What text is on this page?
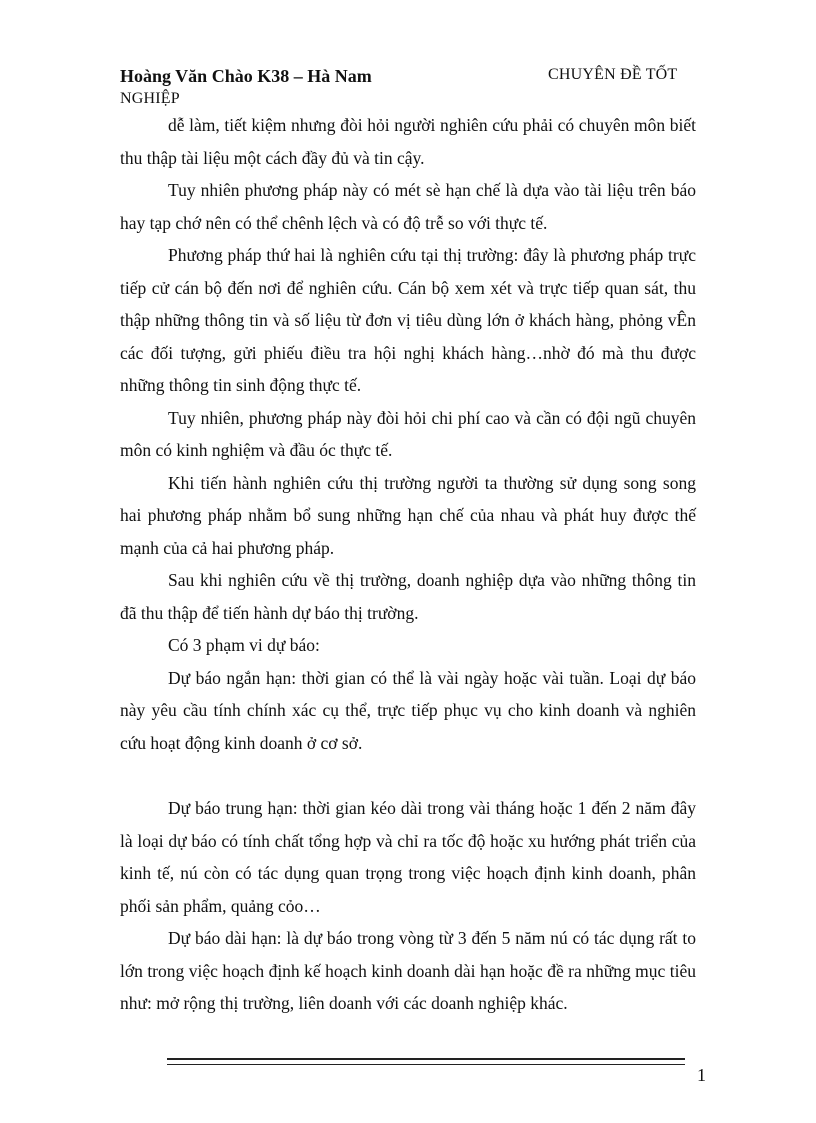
Hoàng Văn Chào K38 – Hà Nam	CHUYÊN ĐỀ TỐT
NGHIỆP

dễ làm, tiết kiệm nhưng đòi hỏi người nghiên cứu phải có chuyên môn biết thu thập tài liệu một cách đầy đủ và tin cậy.

Tuy nhiên phương pháp này có mét sè hạn chế là dựa vào tài liệu trên báo hay tạp chớ nên có thể chênh lệch và có độ trễ so với thực tế.

Phương pháp thứ hai là nghiên cứu tại thị trường: đây là phương pháp trực tiếp cử cán bộ đến nơi để nghiên cứu. Cán bộ xem xét và trực tiếp quan sát, thu thập những thông tin và số liệu từ đơn vị tiêu dùng lớn ở khách hàng, phỏng vÊn các đối tượng, gửi phiếu điều tra hội nghị khách hàng…nhờ đó mà thu được những thông tin sinh động thực tế.

Tuy nhiên, phương pháp này đòi hỏi chi phí cao và cần có đội ngũ chuyên môn có kinh nghiệm và đầu óc thực tế.

Khi tiến hành nghiên cứu thị trường người ta thường sử dụng song song hai phương pháp nhằm bổ sung những hạn chế của nhau và phát huy được thế mạnh của cả hai phương pháp.

Sau khi nghiên cứu về thị trường, doanh nghiệp dựa vào những thông tin đã thu thập để tiến hành dự báo thị trường.

Có 3 phạm vi dự báo:

Dự báo ngắn hạn: thời gian có thể là vài ngày hoặc vài tuần. Loại dự báo này yêu cầu tính chính xác cụ thể, trực tiếp phục vụ cho kinh doanh và nghiên cứu hoạt động kinh doanh ở cơ sở.

Dự báo trung hạn: thời gian kéo dài trong vài tháng hoặc 1 đến 2 năm đây là loại dự báo có tính chất tổng hợp và chỉ ra tốc độ hoặc xu hướng phát triển của kinh tế, nú còn có tác dụng quan trọng trong việc hoạch định kinh doanh, phân phối sản phẩm, quảng cỏo…

Dự báo dài hạn: là dự báo trong vòng từ 3 đến 5 năm nú có tác dụng rất to lớn trong việc hoạch định kế hoạch kinh doanh dài hạn hoặc đề ra những mục tiêu như: mở rộng thị trường, liên doanh với các doanh nghiệp khác.

1
